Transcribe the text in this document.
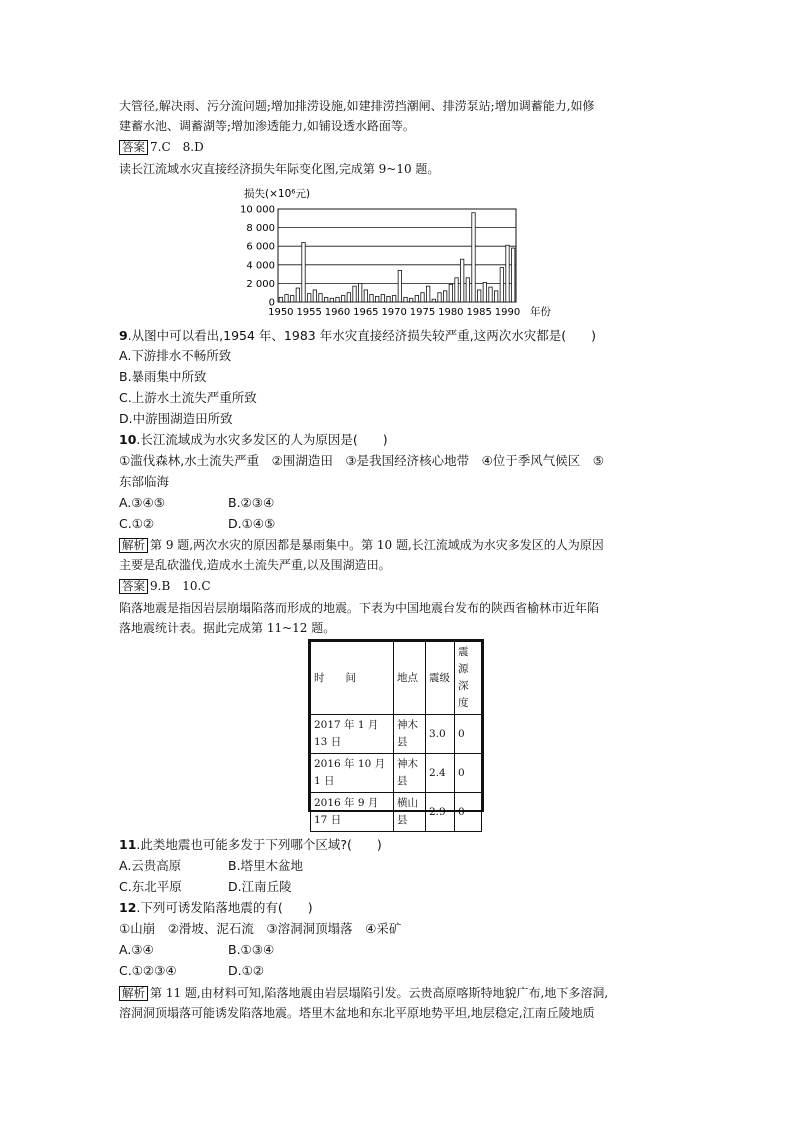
大管径,解决雨、污分流问题;增加排涝设施,如建排涝挡潮闸、排涝泵站;增加调蓄能力,如修
建蓄水池、调蓄湖等;增加渗透能力,如铺设透水路面等。
答案 7.C　8.D
读长江流域水灾直接经济损失年际变化图,完成第 9~10 题。
损失(×10⁶元)
10 000
8 000
6 000
4 000
2 000
0
1950 1955 1960 1965 1970 1975 1980 1985 1990 年份
9.从图中可以看出,1954 年、1983 年水灾直接经济损失较严重,这两次水灾都是(　　)
A.下游排水不畅所致
B.暴雨集中所致
C.上游水土流失严重所致
D.中游围湖造田所致
10.长江流域成为水灾多发区的人为原因是(　　)
①滥伐森林,水土流失严重　②围湖造田　③是我国经济核心地带　④位于季风气候区　⑤
东部临海
A.③④⑤	B.②③④
C.①②	D.①④⑤
解析 第 9 题,两次水灾的原因都是暴雨集中。第 10 题,长江流域成为水灾多发区的人为原因
主要是乱砍滥伐,造成水土流失严重,以及围湖造田。
答案 9.B　10.C
陷落地震是指因岩层崩塌陷落而形成的地震。下表为中国地震台发布的陕西省榆林市近年陷
落地震统计表。据此完成第 11~12 题。
时　　间	地点	震级	震源深度
2017 年 1 月 13 日	神木县	3.0	0
2016 年 10 月 1 日	神木县	2.4	0
2016 年 9 月 17 日	横山县	2.9	0
11.此类地震也可能多发于下列哪个区域?(　　)
A.云贵高原	B.塔里木盆地
C.东北平原	D.江南丘陵
12.下列可诱发陷落地震的有(　　)
①山崩　②滑坡、泥石流　③溶洞洞顶塌落　④采矿
A.③④	B.①③④
C.①②③④	D.①②
解析 第 11 题,由材料可知,陷落地震由岩层塌陷引发。云贵高原喀斯特地貌广布,地下多溶洞,
溶洞洞顶塌落可能诱发陷落地震。塔里木盆地和东北平原地势平坦,地层稳定,江南丘陵地质
